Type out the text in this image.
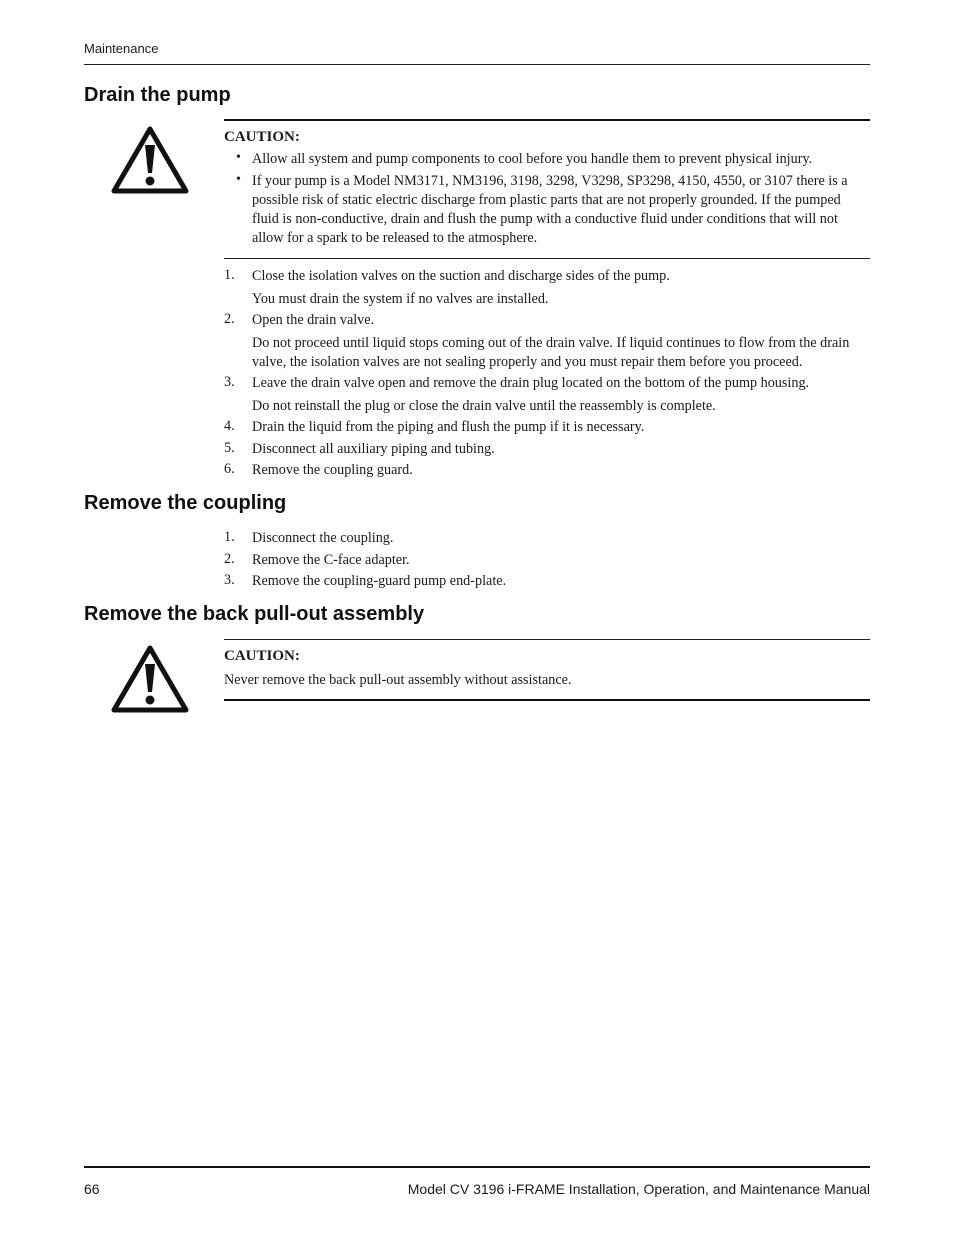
Maintenance
Drain the pump
CAUTION:
• Allow all system and pump components to cool before you handle them to prevent physical injury.
• If your pump is a Model NM3171, NM3196, 3198, 3298, V3298, SP3298, 4150, 4550, or 3107 there is a possible risk of static electric discharge from plastic parts that are not properly grounded. If the pumped fluid is non-conductive, drain and flush the pump with a conductive fluid under conditions that will not allow for a spark to be released to the atmosphere.
1. Close the isolation valves on the suction and discharge sides of the pump.
You must drain the system if no valves are installed.
2. Open the drain valve.
Do not proceed until liquid stops coming out of the drain valve. If liquid continues to flow from the drain valve, the isolation valves are not sealing properly and you must repair them before you proceed.
3. Leave the drain valve open and remove the drain plug located on the bottom of the pump housing.
Do not reinstall the plug or close the drain valve until the reassembly is complete.
4. Drain the liquid from the piping and flush the pump if it is necessary.
5. Disconnect all auxiliary piping and tubing.
6. Remove the coupling guard.
Remove the coupling
1. Disconnect the coupling.
2. Remove the C-face adapter.
3. Remove the coupling-guard pump end-plate.
Remove the back pull-out assembly
CAUTION:
Never remove the back pull-out assembly without assistance.
66	Model CV 3196 i-FRAME Installation, Operation, and Maintenance Manual
